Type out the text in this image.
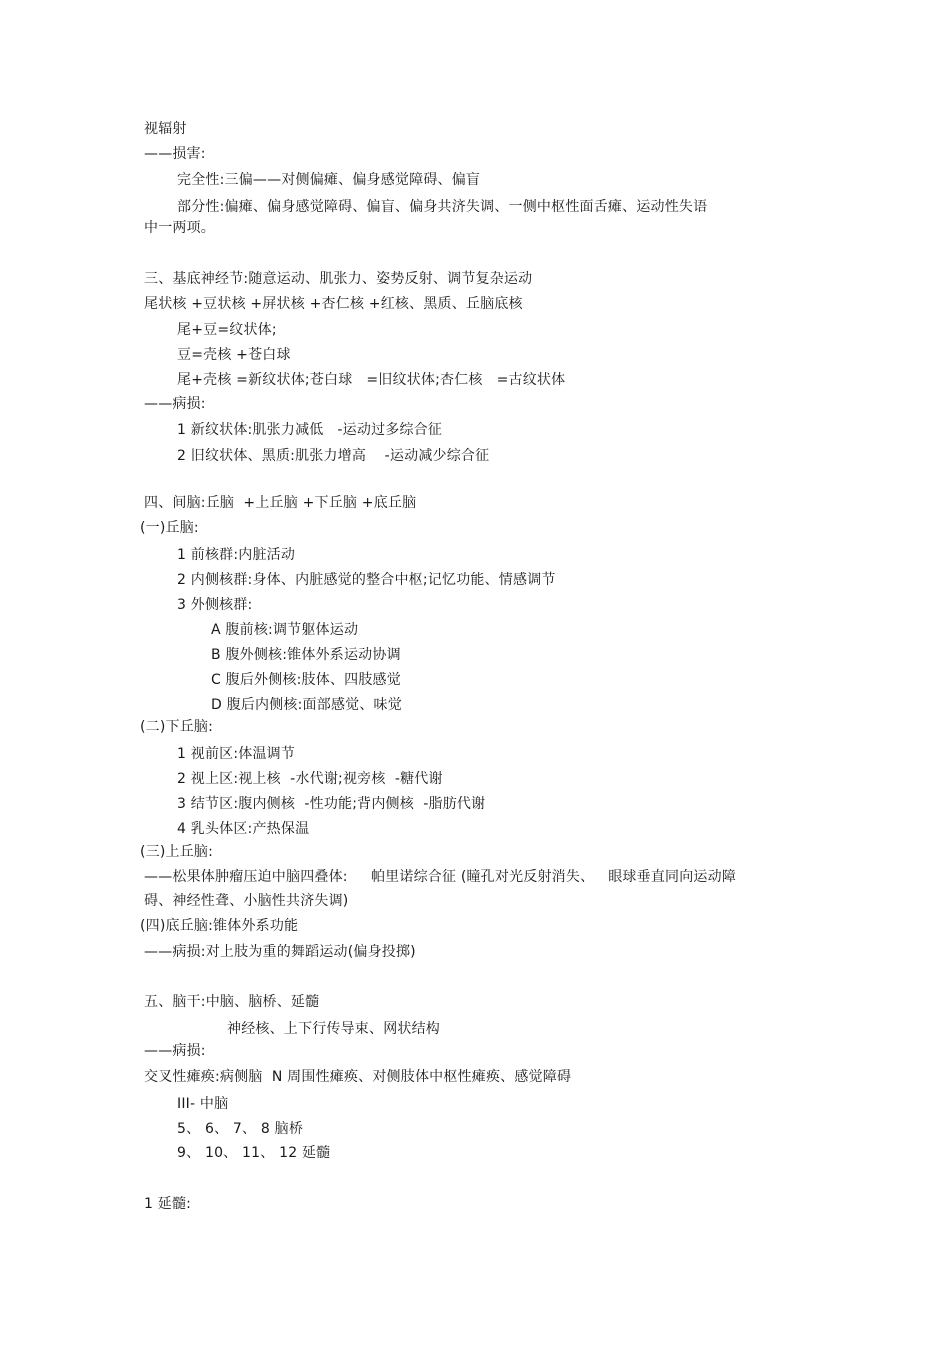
视辐射
——损害:
完全性:三偏——对侧偏瘫、偏身感觉障碍、偏盲
部分性:偏瘫、偏身感觉障碍、偏盲、偏身共济失调、一侧中枢性面舌瘫、运动性失语
中一两项。
三、基底神经节:随意运动、肌张力、姿势反射、调节复杂运动
尾状核 +豆状核 +屏状核 +杏仁核 +红核、黑质、丘脑底核
尾+豆=纹状体;
豆=壳核 +苍白球
尾+壳核 =新纹状体;苍白球   =旧纹状体;杏仁核   =古纹状体
——病损:
1 新纹状体:肌张力减低   -运动过多综合征
2 旧纹状体、黑质:肌张力增高    -运动减少综合征
四、间脑:丘脑  +上丘脑 +下丘脑 +底丘脑
(一)丘脑:
1 前核群:内脏活动
2 内侧核群:身体、内脏感觉的整合中枢;记忆功能、情感调节
3 外侧核群:
A 腹前核:调节躯体运动
B 腹外侧核:锥体外系运动协调
C 腹后外侧核:肢体、四肢感觉
D 腹后内侧核:面部感觉、味觉
(二)下丘脑:
1 视前区:体温调节
2 视上区:视上核  -水代谢;视旁核  -糖代谢
3 结节区:腹内侧核  -性功能;背内侧核  -脂肪代谢
4 乳头体区:产热保温
(三)上丘脑:
——松果体肿瘤压迫中脑四叠体:     帕里诺综合征 (瞳孔对光反射消失、   眼球垂直同向运动障
碍、神经性聋、小脑性共济失调)
(四)底丘脑:锥体外系功能
——病损:对上肢为重的舞蹈运动(偏身投掷)
五、脑干:中脑、脑桥、延髓
神经核、上下行传导束、网状结构
——病损:
交叉性瘫痪:病侧脑  N 周围性瘫痪、对侧肢体中枢性瘫痪、感觉障碍
III- 中脑
5、 6、 7、 8 脑桥
9、 10、 11、 12 延髓
1 延髓:
